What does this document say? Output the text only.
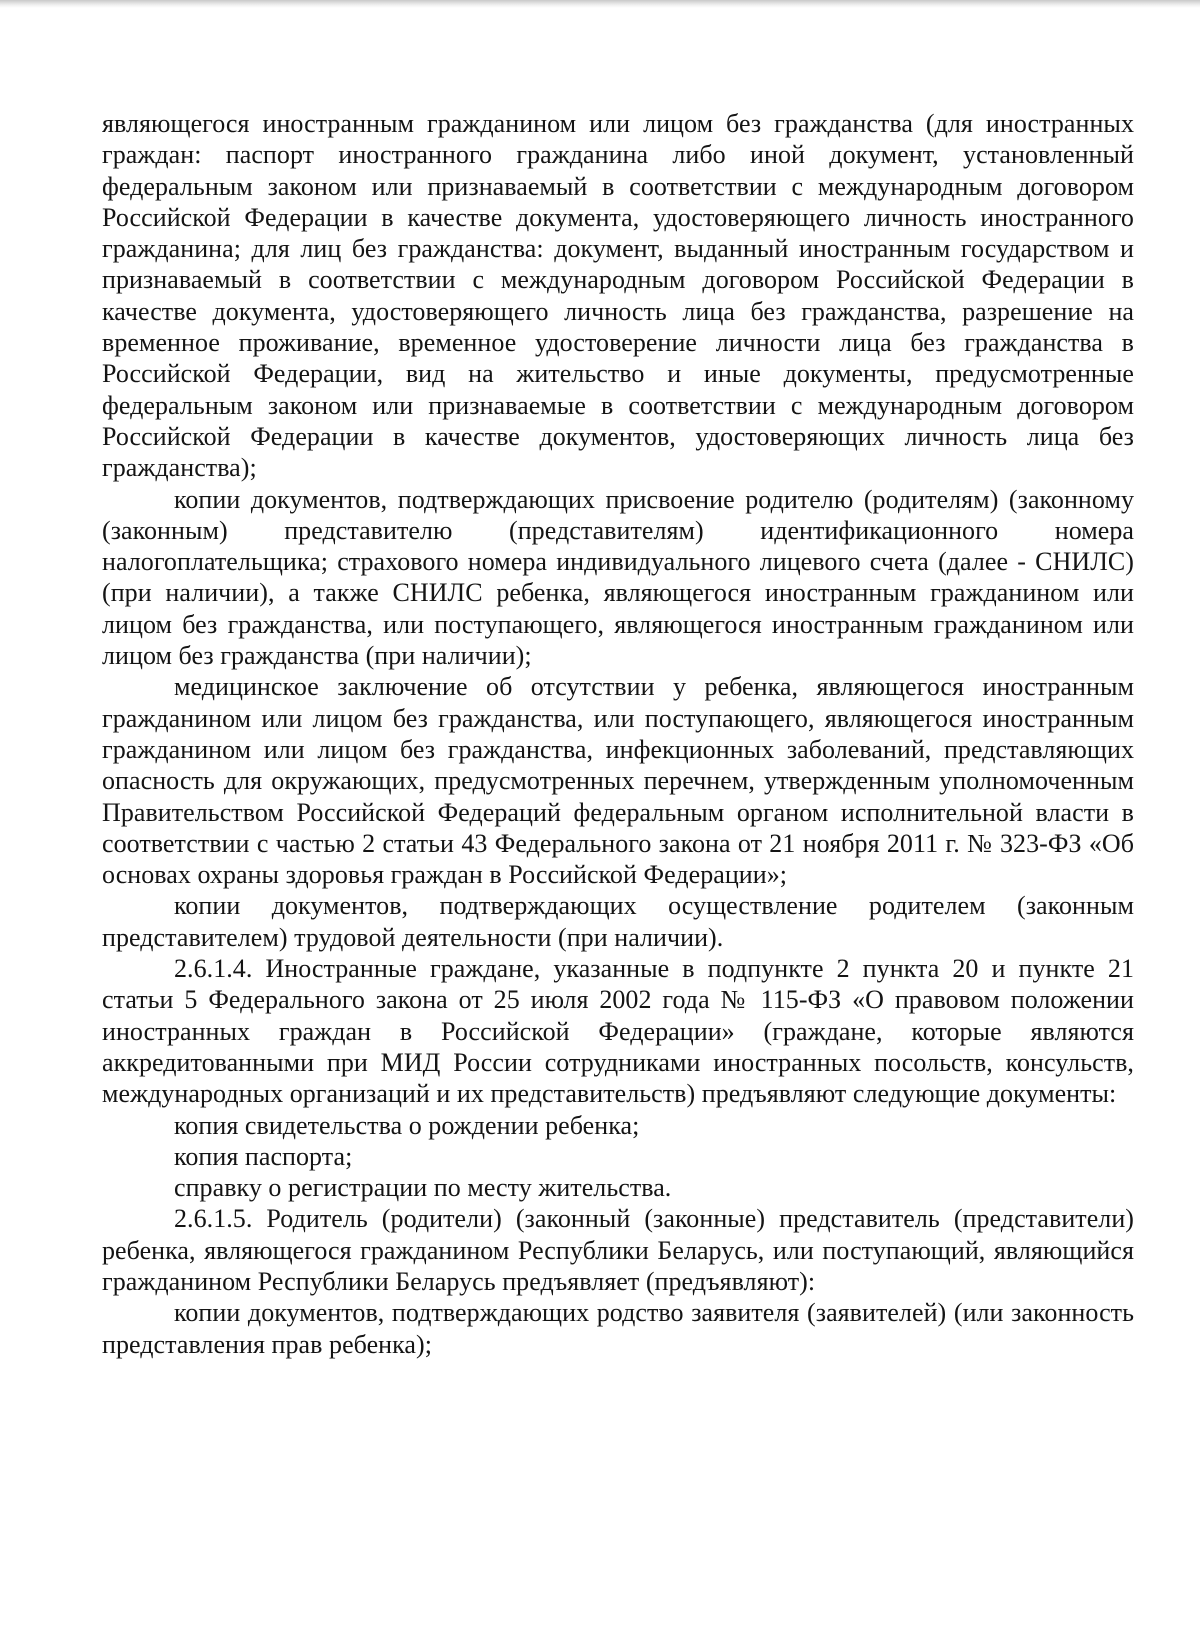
являющегося иностранным гражданином или лицом без гражданства (для иностранных граждан: паспорт иностранного гражданина либо иной документ, установленный федеральным законом или признаваемый в соответствии с международным договором Российской Федерации в качестве документа, удостоверяющего личность иностранного гражданина; для лиц без гражданства: документ, выданный иностранным государством и признаваемый в соответствии с международным договором Российской Федерации в качестве документа, удостоверяющего личность лица без гражданства, разрешение на временное проживание, временное удостоверение личности лица без гражданства в Российской Федерации, вид на жительство и иные документы, предусмотренные федеральным законом или признаваемые в соответствии с международным договором Российской Федерации в качестве документов, удостоверяющих личность лица без гражданства);

копии документов, подтверждающих присвоение родителю (родителям) (законному (законным) представителю (представителям) идентификационного номера налогоплательщика; страхового номера индивидуального лицевого счета (далее - СНИЛС) (при наличии), а также СНИЛС ребенка, являющегося иностранным гражданином или лицом без гражданства, или поступающего, являющегося иностранным гражданином или лицом без гражданства (при наличии);

медицинское заключение об отсутствии у ребенка, являющегося иностранным гражданином или лицом без гражданства, или поступающего, являющегося иностранным гражданином или лицом без гражданства, инфекционных заболеваний, представляющих опасность для окружающих, предусмотренных перечнем, утвержденным уполномоченным Правительством Российской Федераций федеральным органом исполнительной власти в соответствии с частью 2 статьи 43 Федерального закона от 21 ноября 2011 г. № 323-ФЗ «Об основах охраны здоровья граждан в Российской Федерации»;

копии документов, подтверждающих осуществление родителем (законным представителем) трудовой деятельности (при наличии).

2.6.1.4. Иностранные граждане, указанные в подпункте 2 пункта 20 и пункте 21 статьи 5 Федерального закона от 25 июля 2002 года № 115-ФЗ «О правовом положении иностранных граждан в Российской Федерации» (граждане, которые являются аккредитованными при МИД России сотрудниками иностранных посольств, консульств, международных организаций и их представительств) предъявляют следующие документы:

копия свидетельства о рождении ребенка;

копия паспорта;

справку о регистрации по месту жительства.

2.6.1.5. Родитель (родители) (законный (законные) представитель (представители) ребенка, являющегося гражданином Республики Беларусь, или поступающий, являющийся гражданином Республики Беларусь предъявляет (предъявляют):

копии документов, подтверждающих родство заявителя (заявителей) (или законность представления прав ребенка);
